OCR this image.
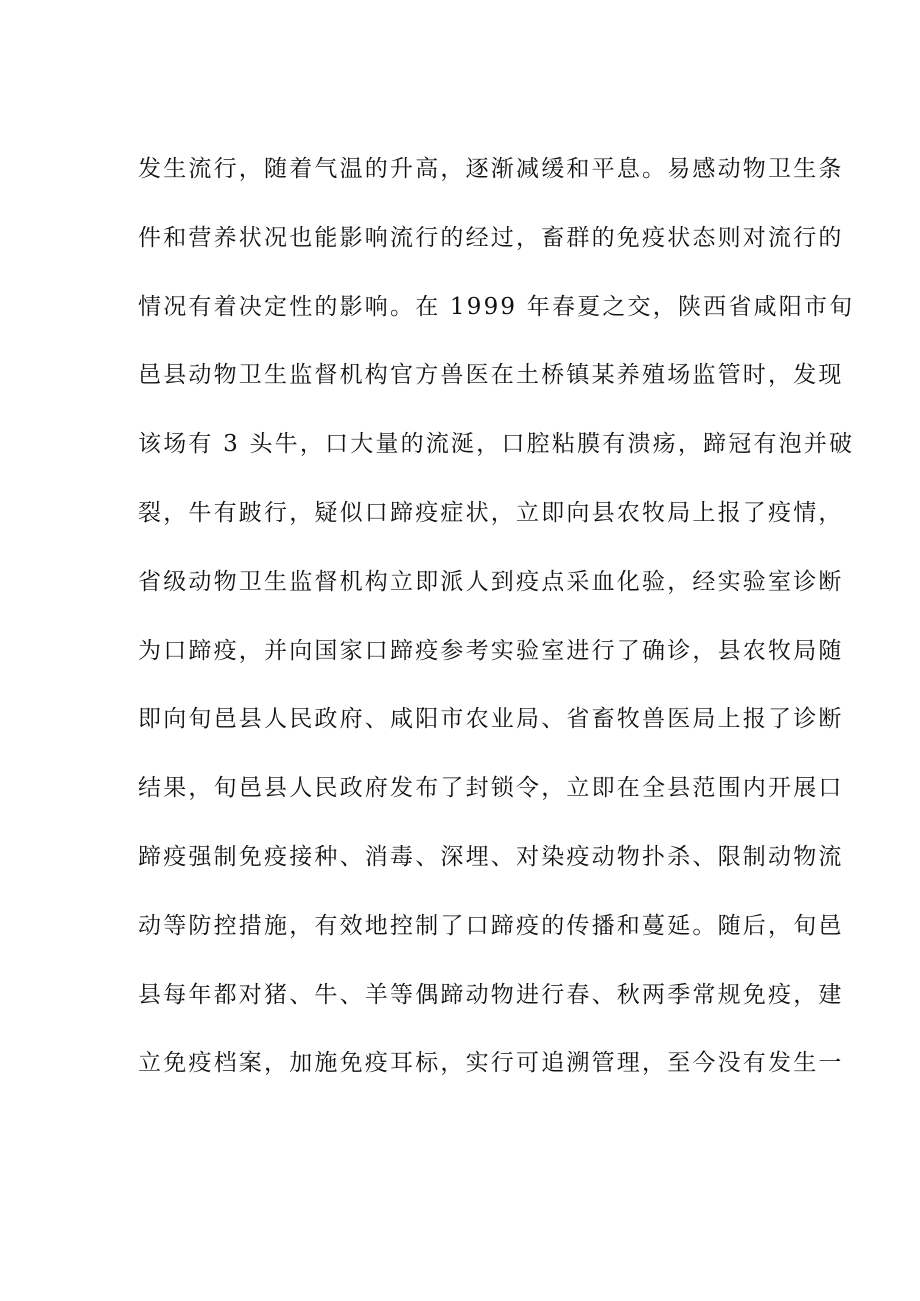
发生流行，随着气温的升高，逐渐减缓和平息。易感动物卫生条
件和营养状况也能影响流行的经过，畜群的免疫状态则对流行的
情况有着决定性的影响。在 1999 年春夏之交，陕西省咸阳市旬
邑县动物卫生监督机构官方兽医在土桥镇某养殖场监管时，发现
该场有 3 头牛，口大量的流涎，口腔粘膜有溃疡，蹄冠有泡并破
裂，牛有跛行，疑似口蹄疫症状，立即向县农牧局上报了疫情，
省级动物卫生监督机构立即派人到疫点采血化验，经实验室诊断
为口蹄疫，并向国家口蹄疫参考实验室进行了确诊，县农牧局随
即向旬邑县人民政府、咸阳市农业局、省畜牧兽医局上报了诊断
结果，旬邑县人民政府发布了封锁令，立即在全县范围内开展口
蹄疫强制免疫接种、消毒、深埋、对染疫动物扑杀、限制动物流
动等防控措施，有效地控制了口蹄疫的传播和蔓延。随后，旬邑
县每年都对猪、牛、羊等偶蹄动物进行春、秋两季常规免疫，建
立免疫档案，加施免疫耳标，实行可追溯管理，至今没有发生一
